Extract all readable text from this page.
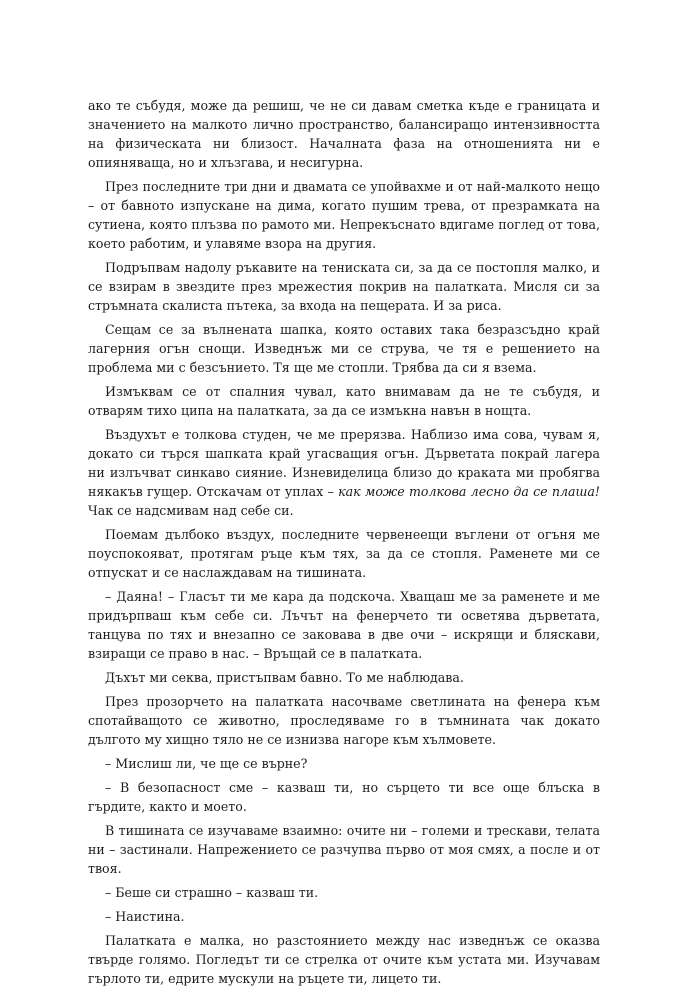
ако те събудя, може да решиш, че не си давам сметка къде е границата и значението на малкото лично пространство, балансиращо интензивността на физическата ни близост. Началната фаза на отношенията ни е опияняваща, но и хлъзгава, и несигурна.

През последните три дни и двамата се упойвахме и от най-малкото нещо – от бавното изпускане на дима, когато пушим трева, от презрамката на сутиена, която плъзва по рамото ми. Непрекъснато вдигаме поглед от това, което работим, и улавяме взора на другия.

Подръпвам надолу ръкавите на тениската си, за да се постопля малко, и се взирам в звездите през мрежестия покрив на палатката. Мисля си за стръмната скалиста пътека, за входа на пещерата. И за риса.

Сещам се за вълнената шапка, която оставих така безразсъдно край лагерния огън снощи. Изведнъж ми се струва, че тя е решението на проблема ми с безсънието. Тя ще ме стопли. Трябва да си я взема.

Измъквам се от спалния чувал, като внимавам да не те събудя, и отварям тихо ципа на палатката, за да се измъкна навън в нощта.

Въздухът е толкова студен, че ме прерязва. Наблизо има сова, чувам я, докато си търся шапката край угасващия огън. Дърветата покрай лагера ни излъчват синкаво сияние. Изневиделица близо до краката ми пробягва някакъв гущер. Отскачам от уплах – как може толкова лесно да се плаша! Чак се надсмивам над себе си.

Поемам дълбоко въздух, последните червенеещи въглени от огъня ме поуспокояват, протягам ръце към тях, за да се стопля. Раменете ми се отпускат и се наслаждавам на тишината.

– Даяна! – Гласът ти ме кара да подскоча. Хващаш ме за раменете и ме придърпваш към себе си. Лъчът на фенерчето ти осветява дърветата, танцува по тях и внезапно се заковава в две очи – искрящи и бляскави, взиращи се право в нас. – Връщай се в палатката.

Дъхът ми секва, пристъпвам бавно. То ме наблюдава.

През прозорчето на палатката насочваме светлината на фенера към спотайващото се животно, проследяваме го в тъмнината чак докато дългото му хищно тяло не се изнизва нагоре към хълмовете.

– Мислиш ли, че ще се върне?

– В безопасност сме – казваш ти, но сърцето ти все още блъска в гърдите, както и моето.

В тишината се изучаваме взаимно: очите ни – големи и трескави, телата ни – застинали. Напрежението се разчупва първо от моя смях, а после и от твоя.

– Беше си страшно – казваш ти.

– Наистина.

Палатката е малка, но разстоянието между нас изведнъж се оказва твърде голямо. Погледът ти се стрелка от очите към устата ми. Изучавам гърлото ти, едрите мускули на ръцете ти, лицето ти.
